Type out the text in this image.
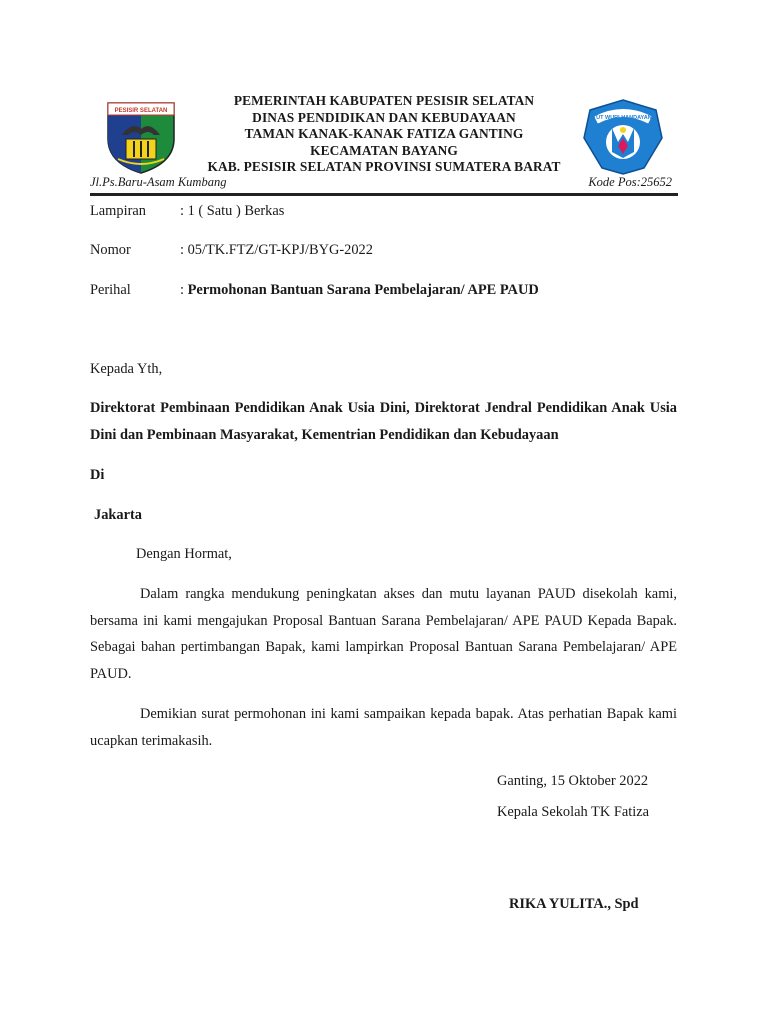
PESISIR SELATAN
PEMERINTAH KABUPATEN PESISIR SELATAN
DINAS PENDIDIKAN DAN KEBUDAYAAN
TAMAN KANAK-KANAK FATIZA GANTING
KECAMATAN BAYANG
KAB. PESISIR SELATAN PROVINSI SUMATERA BARAT
TUT WURI HANDAYANI
Jl.Ps.Baru-Asam Kumbang	Kode Pos:25652
Lampiran : 1 ( Satu ) Berkas
Nomor	: 05/TK.FTZ/GT-KPJ/BYG-2022
Perihal	: Permohonan Bantuan Sarana Pembelajaran/ APE PAUD
Kepada Yth,
Direktorat Pembinaan Pendidikan Anak Usia Dini, Direktorat Jendral Pendidikan Anak Usia Dini dan Pembinaan Masyarakat, Kementrian Pendidikan dan Kebudayaan
Di
Jakarta
Dengan Hormat,
Dalam rangka mendukung peningkatan akses dan mutu layanan PAUD disekolah kami, bersama ini kami mengajukan Proposal Bantuan Sarana Pembelajaran/ APE PAUD Kepada Bapak. Sebagai bahan pertimbangan Bapak, kami lampirkan Proposal Bantuan Sarana Pembelajaran/ APE PAUD.
Demikian surat permohonan ini kami sampaikan kepada bapak. Atas perhatian Bapak kami ucapkan terimakasih.
Ganting, 15 Oktober 2022
Kepala Sekolah TK Fatiza
RIKA YULITA., Spd
